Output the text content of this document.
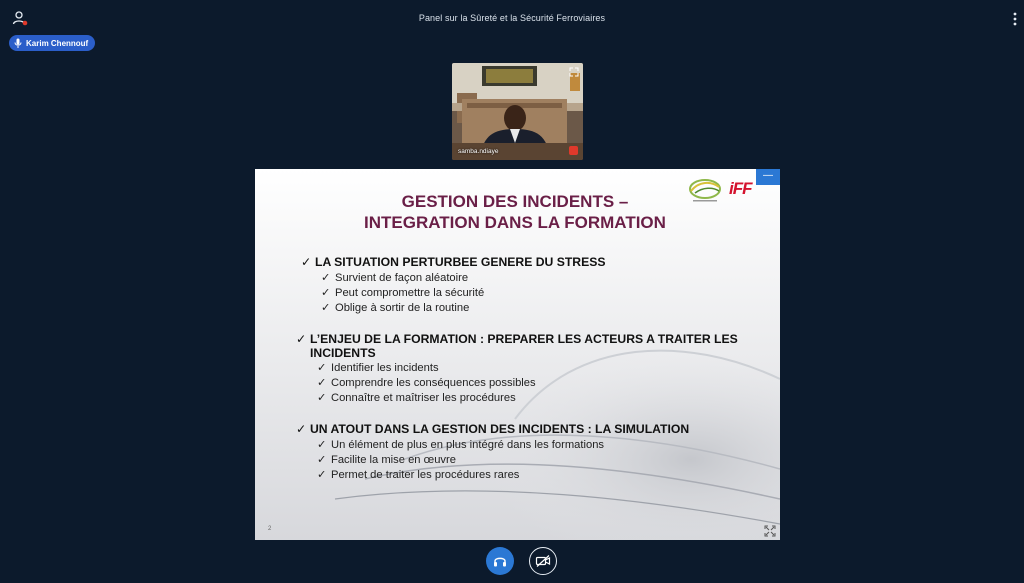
Panel sur la Sûreté et la Sécurité Ferroviaires
Karim Chennouf
samba.ndiaye
—
GESTION DES INCIDENTS –
INTEGRATION DANS LA FORMATION
iFF
✓ LA SITUATION PERTURBEE GENERE DU STRESS
✓ Survient de façon aléatoire
✓ Peut compromettre la sécurité
✓ Oblige à sortir de la routine
✓ L’ENJEU DE LA FORMATION : PREPARER LES ACTEURS A TRAITER LES
INCIDENTS
✓ Identifier les incidents
✓ Comprendre les conséquences possibles
✓ Connaître et maîtriser les procédures
✓ UN ATOUT DANS LA GESTION DES INCIDENTS : LA SIMULATION
✓ Un élément de plus en plus intégré dans les formations
✓ Facilite la mise en œuvre
✓ Permet de traiter les procédures rares
2
